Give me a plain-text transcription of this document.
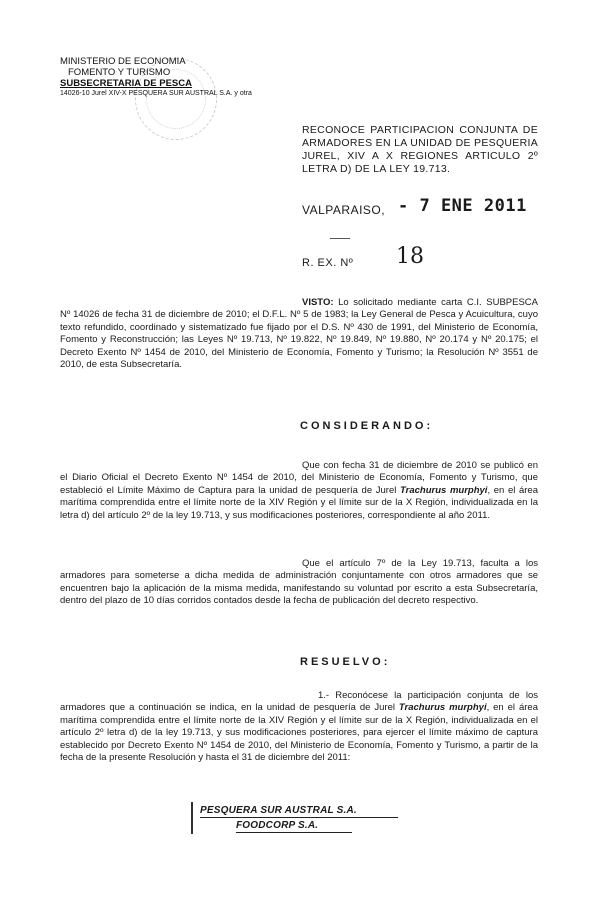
MINISTERIO DE ECONOMIA
FOMENTO Y TURISMO
SUBSECRETARIA DE PESCA
14026-10 Jurel XIV-X PESQUERA SUR AUSTRAL S.A. y otra
RECONOCE PARTICIPACION CONJUNTA DE ARMADORES EN LA UNIDAD DE PESQUERIA JUREL, XIV A X REGIONES ARTICULO 2º LETRA D) DE LA LEY 19.713.
VALPARAISO, - 7 ENE 2011
R. EX. Nº 18
VISTO: Lo solicitado mediante carta C.I. SUBPESCA Nº 14026 de fecha 31 de diciembre de 2010; el D.F.L. Nº 5 de 1983; la Ley General de Pesca y Acuicultura, cuyo texto refundido, coordinado y sistematizado fue fijado por el D.S. Nº 430 de 1991, del Ministerio de Economía, Fomento y Reconstrucción; las Leyes Nº 19.713, Nº 19.822, Nº 19.849, Nº 19.880, Nº 20.174 y Nº 20.175; el Decreto Exento Nº 1454 de 2010, del Ministerio de Economía, Fomento y Turismo; la Resolución Nº 3551 de 2010, de esta Subsecretaría.
CONSIDERANDO:
Que con fecha 31 de diciembre de 2010 se publicó en el Diario Oficial el Decreto Exento Nº 1454 de 2010, del Ministerio de Economía, Fomento y Turismo, que estableció el Límite Máximo de Captura para la unidad de pesquería de Jurel Trachurus murphyi, en el área marítima comprendida entre el límite norte de la XIV Región y el límite sur de la X Región, individualizada en la letra d) del artículo 2º de la ley 19.713, y sus modificaciones posteriores, correspondiente al año 2011.
Que el artículo 7º de la Ley 19.713, faculta a los armadores para someterse a dicha medida de administración conjuntamente con otros armadores que se encuentren bajo la aplicación de la misma medida, manifestando su voluntad por escrito a esta Subsecretaría, dentro del plazo de 10 días corridos contados desde la fecha de publicación del decreto respectivo.
RESUELVO:
1.- Reconócese la participación conjunta de los armadores que a continuación se indica, en la unidad de pesquería de Jurel Trachurus murphyi, en el área marítima comprendida entre el límite norte de la XIV Región y el límite sur de la X Región, individualizada en el artículo 2º letra d) de la ley 19.713, y sus modificaciones posteriores, para ejercer el límite máximo de captura establecido por Decreto Exento Nº 1454 de 2010, del Ministerio de Economía, Fomento y Turismo, a partir de la fecha de la presente Resolución y hasta el 31 de diciembre del 2011:
PESQUERA SUR AUSTRAL S.A.
FOODCORP S.A.
